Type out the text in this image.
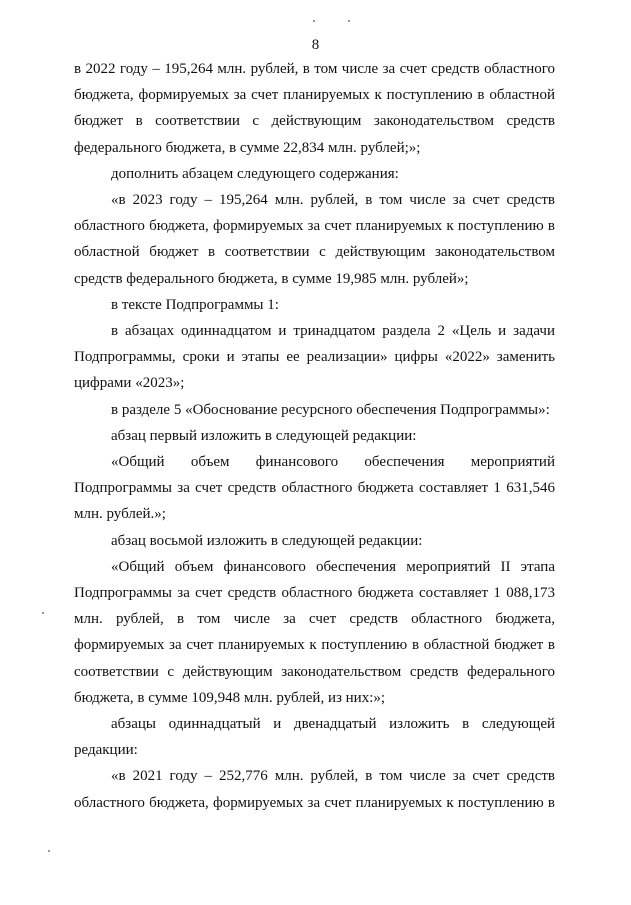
8

в 2022 году – 195,264 млн. рублей, в том числе за счет средств областного бюджета, формируемых за счет планируемых к поступлению в областной бюджет в соответствии с действующим законодательством средств федерального бюджета, в сумме 22,834 млн. рублей;»;

дополнить абзацем следующего содержания:

«в 2023 году – 195,264 млн. рублей, в том числе за счет средств областного бюджета, формируемых за счет планируемых к поступлению в областной бюджет в соответствии с действующим законодательством средств федерального бюджета, в сумме 19,985 млн. рублей»;

в тексте Подпрограммы 1:

в абзацах одиннадцатом и тринадцатом раздела 2 «Цель и задачи Подпрограммы, сроки и этапы ее реализации» цифры «2022» заменить цифрами «2023»;

в разделе 5 «Обоснование ресурсного обеспечения Подпрограммы»:

абзац первый изложить в следующей редакции:

«Общий объем финансового обеспечения мероприятий Подпрограммы за счет средств областного бюджета составляет 1 631,546 млн. рублей.»;

абзац восьмой изложить в следующей редакции:

«Общий объем финансового обеспечения мероприятий II этапа Подпрограммы за счет средств областного бюджета составляет 1 088,173 млн. рублей, в том числе за счет средств областного бюджета, формируемых за счет планируемых к поступлению в областной бюджет в соответствии с действующим законодательством средств федерального бюджета, в сумме 109,948 млн. рублей, из них:»;

абзацы одиннадцатый и двенадцатый изложить в следующей редакции:

«в 2021 году – 252,776 млн. рублей, в том числе за счет средств областного бюджета, формируемых за счет планируемых к поступлению в
